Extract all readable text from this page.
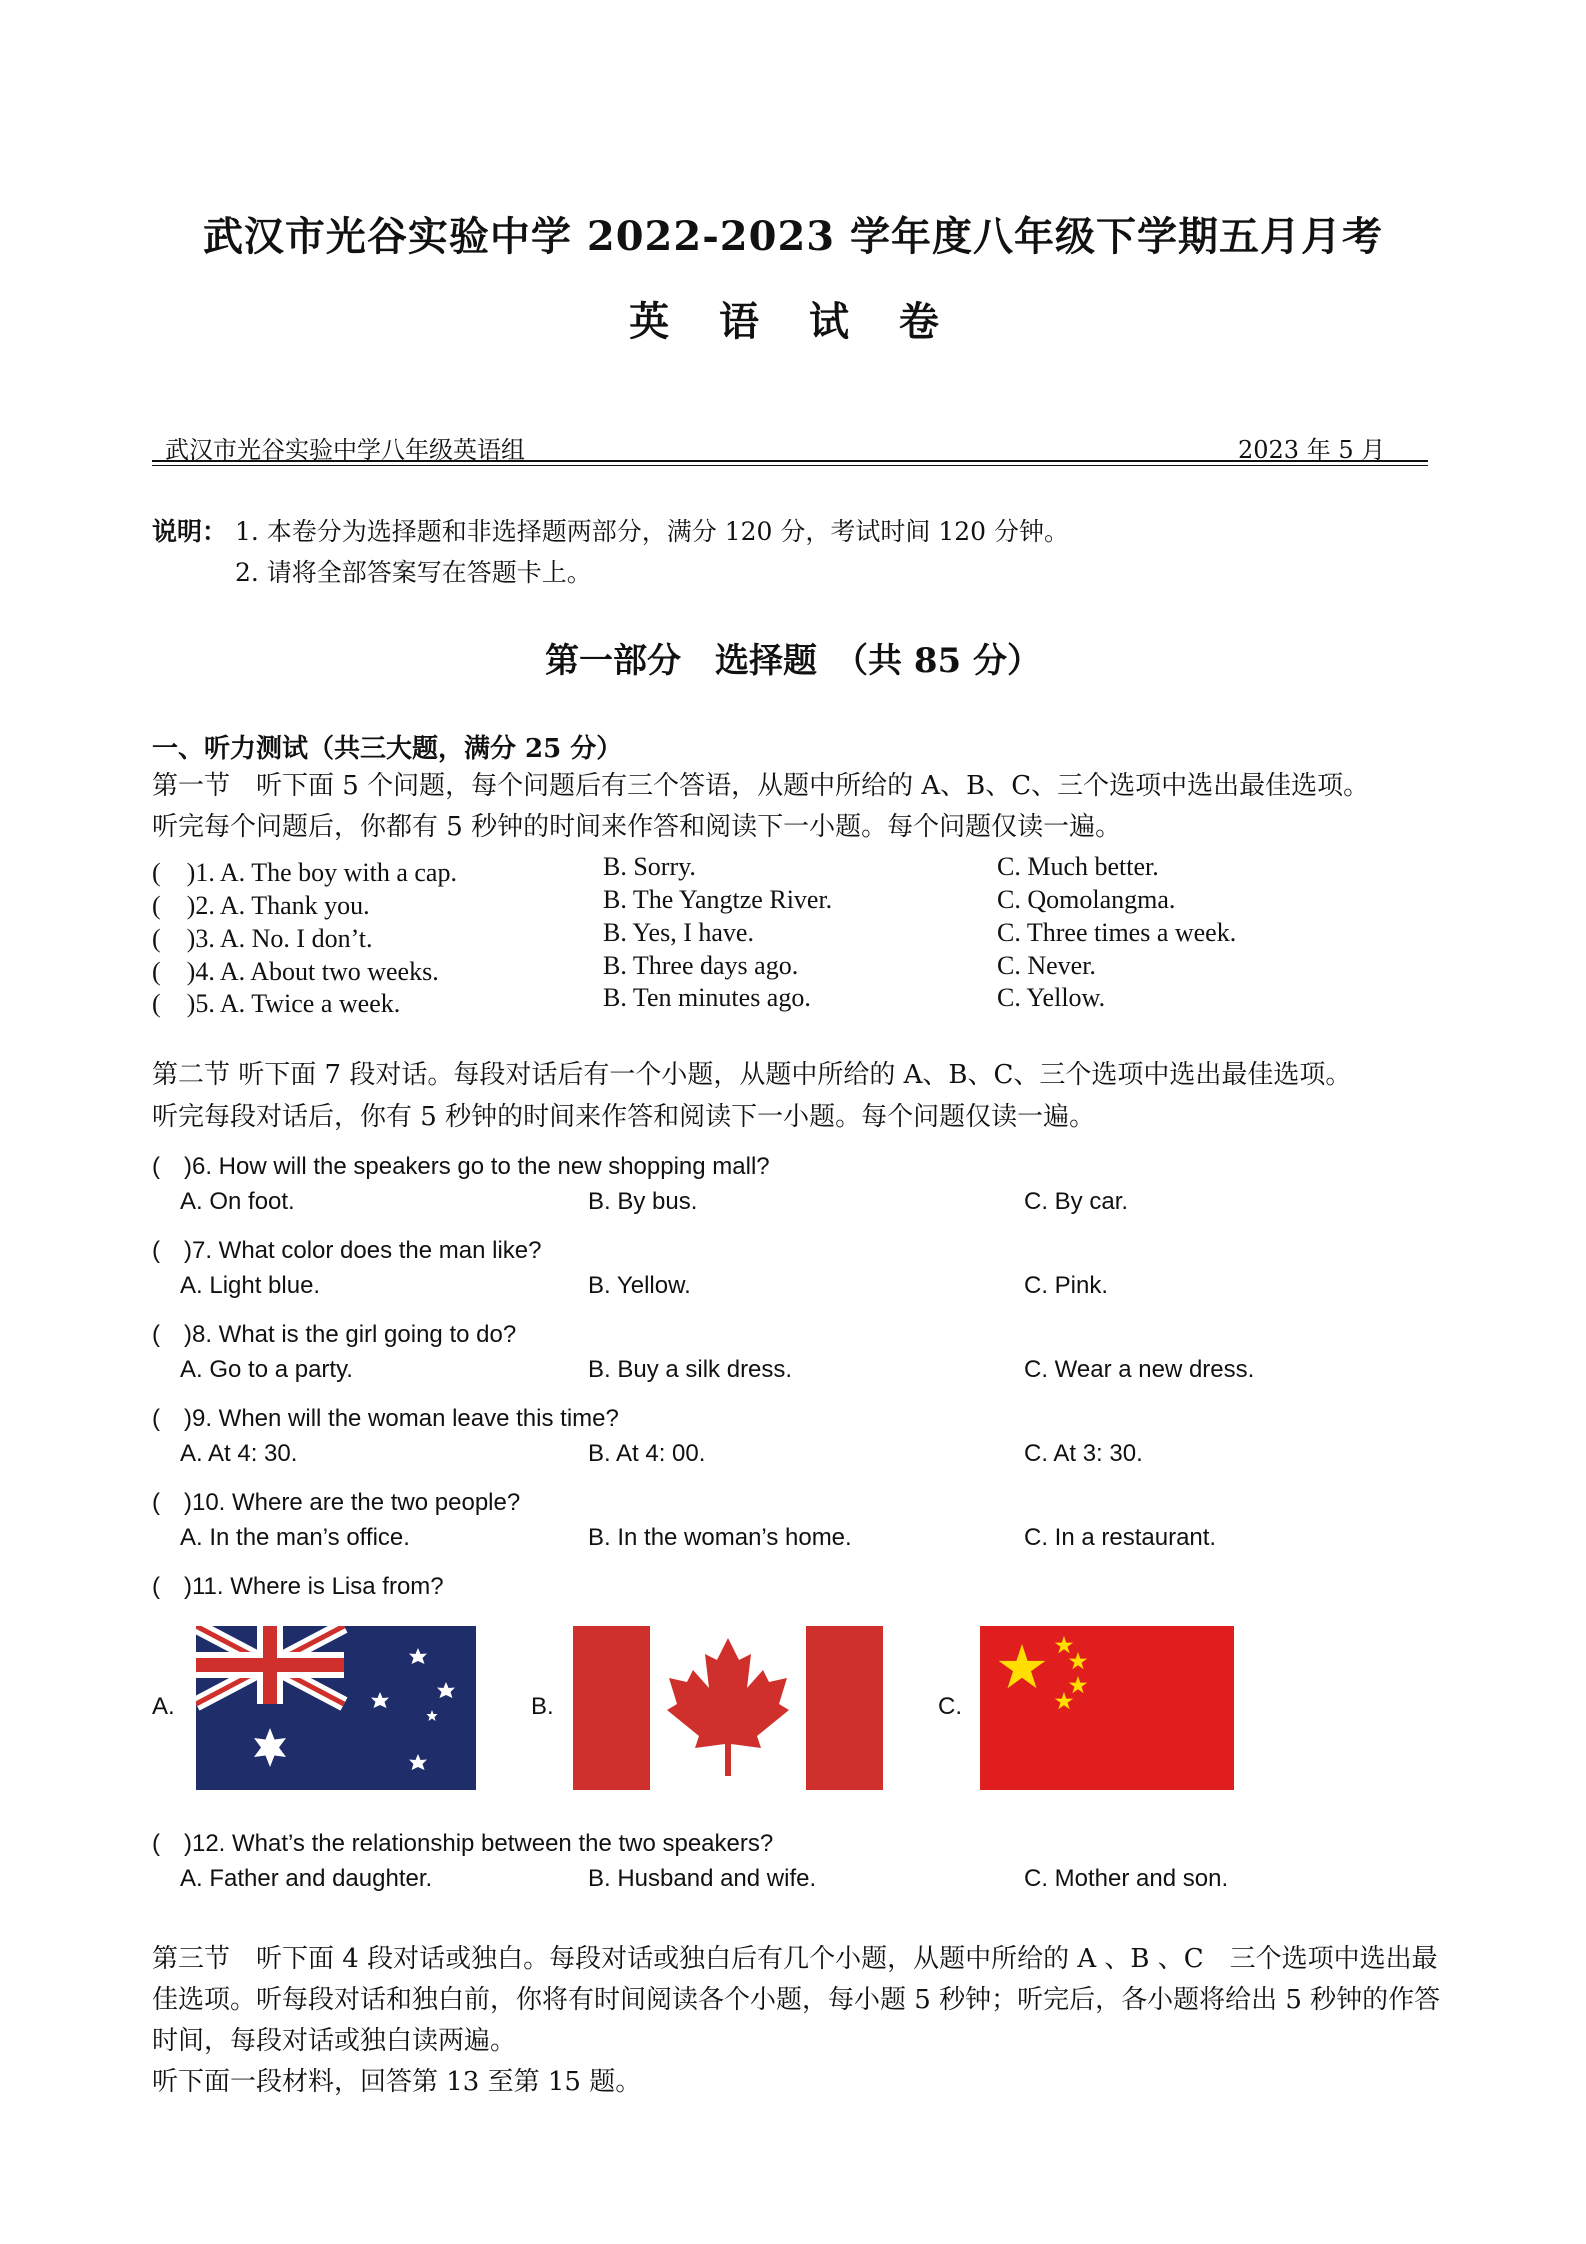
武汉市光谷实验中学 2022-2023 学年度八年级下学期五月月考
英 语 试 卷
武汉市光谷实验中学八年级英语组	2023 年 5 月
说明： 1. 本卷分为选择题和非选择题两部分，满分 120 分，考试时间 120 分钟。
2. 请将全部答案写在答题卡上。
第一部分　选择题　（共 85 分）
一、听力测试（共三大题，满分 25 分）
第一节　听下面 5 个问题，每个问题后有三个答语，从题中所给的 A、B、C、三个选项中选出最佳选项。
听完每个问题后，你都有 5 秒钟的时间来作答和阅读下一小题。每个问题仅读一遍。
(　)1. A. The boy with a cap.	B. Sorry.	C. Much better.
(　)2. A. Thank you.	B. The Yangtze River.	C. Qomolangma.
(　)3. A. No. I don’t.	B. Yes, I have.	C. Three times a week.
(　)4. A. About two weeks.	B. Three days ago.	C. Never.
(　)5. A. Twice a week.	B. Ten minutes ago.	C. Yellow.
第二节 听下面 7 段对话。每段对话后有一个小题，从题中所给的 A、B、C、三个选项中选出最佳选项。
听完每段对话后，你有 5 秒钟的时间来作答和阅读下一小题。每个问题仅读一遍。
(　)6. How will the speakers go to the new shopping mall?
A. On foot.	B. By bus.	C. By car.
(　)7. What color does the man like?
A. Light blue.	B. Yellow.	C. Pink.
(　)8. What is the girl going to do?
A. Go to a party.	B. Buy a silk dress.	C. Wear a new dress.
(　)9. When will the woman leave this time?
A. At 4: 30.	B. At 4: 00.	C. At 3: 30.
(　)10. Where are the two people?
A. In the man’s office.	B. In the woman’s home.	C. In a restaurant.
(　)11. Where is Lisa from?
A.	B.	C.
(　)12. What’s the relationship between the two speakers?
A. Father and daughter.	B. Husband and wife.	C. Mother and son.
第三节　听下面 4 段对话或独白。每段对话或独白后有几个小题，从题中所给的 A 、B 、C　三个选项中选出最佳选项。听每段对话和独白前，你将有时间阅读各个小题，每小题 5 秒钟；听完后，各小题将给出 5 秒钟的作答时间，每段对话或独白读两遍。
听下面一段材料，回答第 13 至第 15 题。
